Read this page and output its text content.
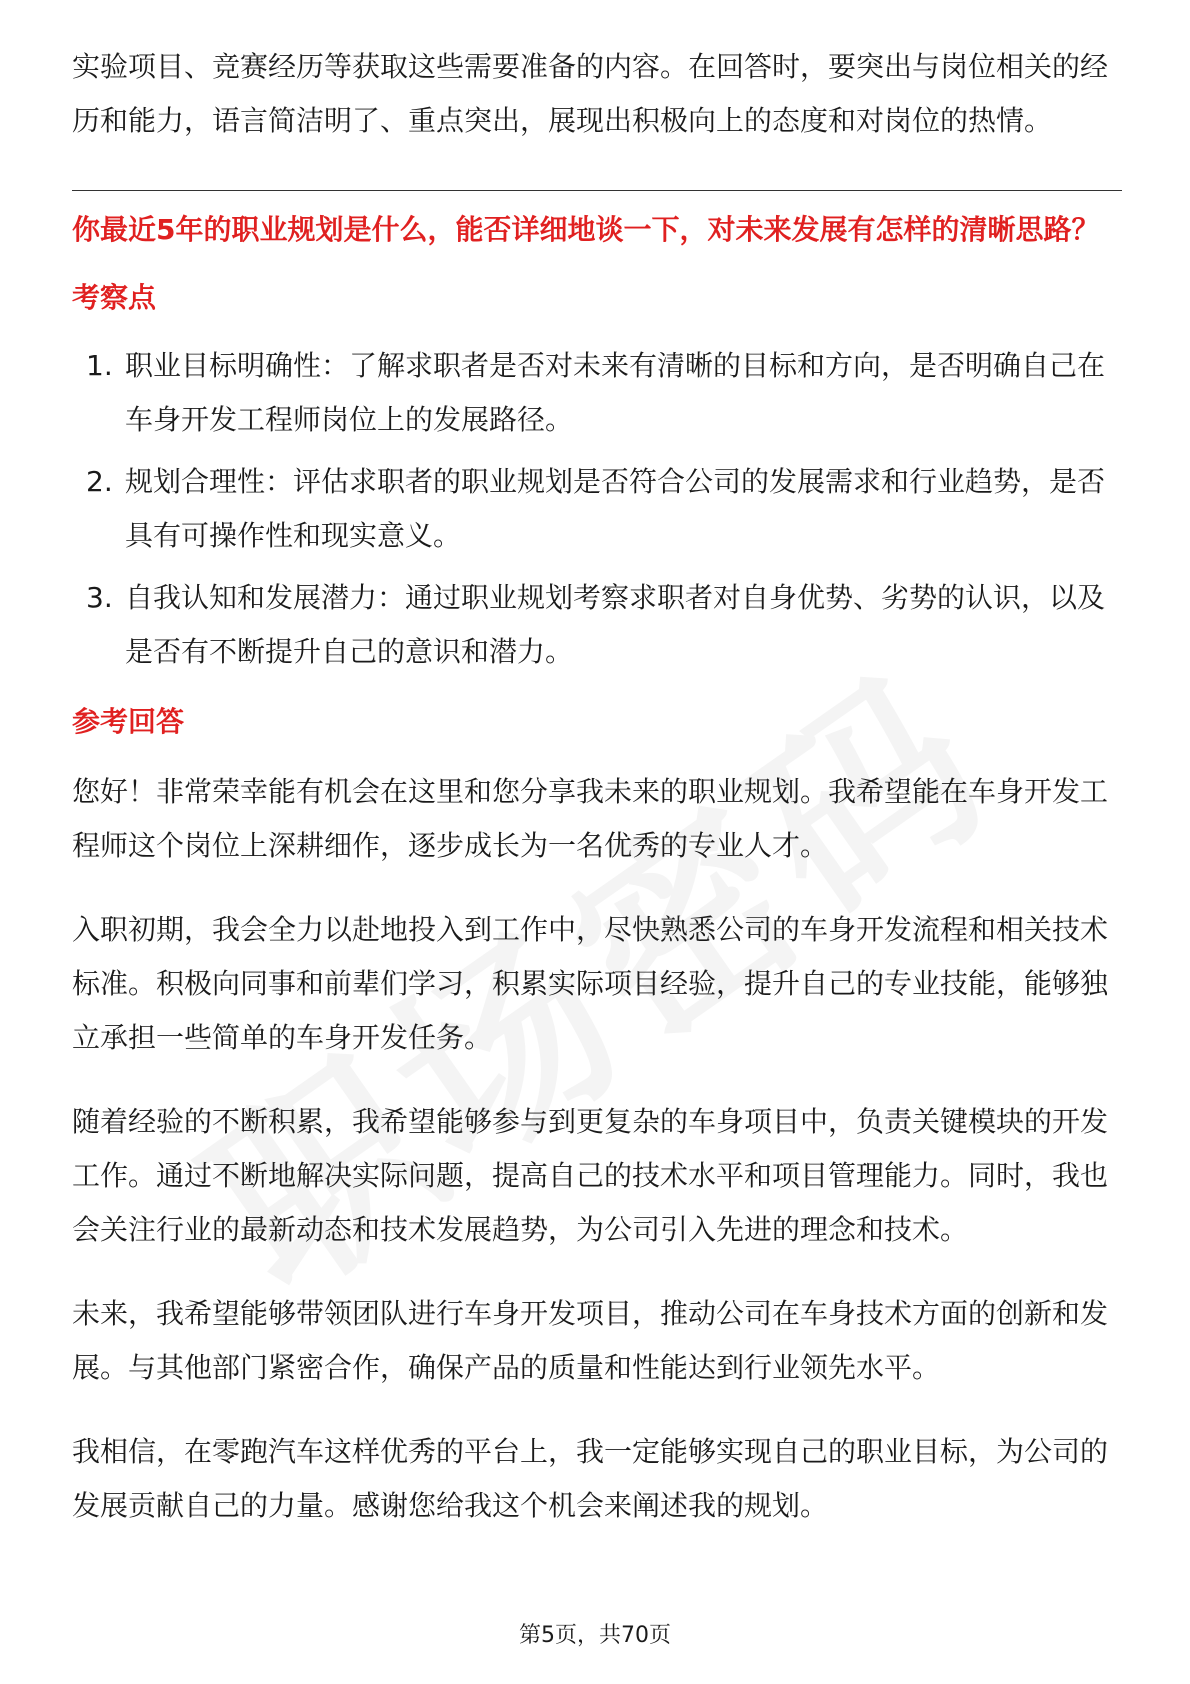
实验项目、竞赛经历等获取这些需要准备的内容。在回答时，要突出与岗位相关的经历和能力，语言简洁明了、重点突出，展现出积极向上的态度和对岗位的热情。

你最近5年的职业规划是什么，能否详细地谈一下，对未来发展有怎样的清晰思路？

考察点
1. 职业目标明确性：了解求职者是否对未来有清晰的目标和方向，是否明确自己在车身开发工程师岗位上的发展路径。
2. 规划合理性：评估求职者的职业规划是否符合公司的发展需求和行业趋势，是否具有可操作性和现实意义。
3. 自我认知和发展潜力：通过职业规划考察求职者对自身优势、劣势的认识，以及是否有不断提升自己的意识和潜力。
参考回答

您好！非常荣幸能有机会在这里和您分享我未来的职业规划。我希望能在车身开发工程师这个岗位上深耕细作，逐步成长为一名优秀的专业人才。

入职初期，我会全力以赴地投入到工作中，尽快熟悉公司的车身开发流程和相关技术标准。积极向同事和前辈们学习，积累实际项目经验，提升自己的专业技能，能够独立承担一些简单的车身开发任务。

随着经验的不断积累，我希望能够参与到更复杂的车身项目中，负责关键模块的开发工作。通过不断地解决实际问题，提高自己的技术水平和项目管理能力。同时，我也会关注行业的最新动态和技术发展趋势，为公司引入先进的理念和技术。

未来，我希望能够带领团队进行车身开发项目，推动公司在车身技术方面的创新和发展。与其他部门紧密合作，确保产品的质量和性能达到行业领先水平。

我相信，在零跑汽车这样优秀的平台上，我一定能够实现自己的职业目标，为公司的发展贡献自己的力量。感谢您给我这个机会来阐述我的规划。

第5页，共70页
